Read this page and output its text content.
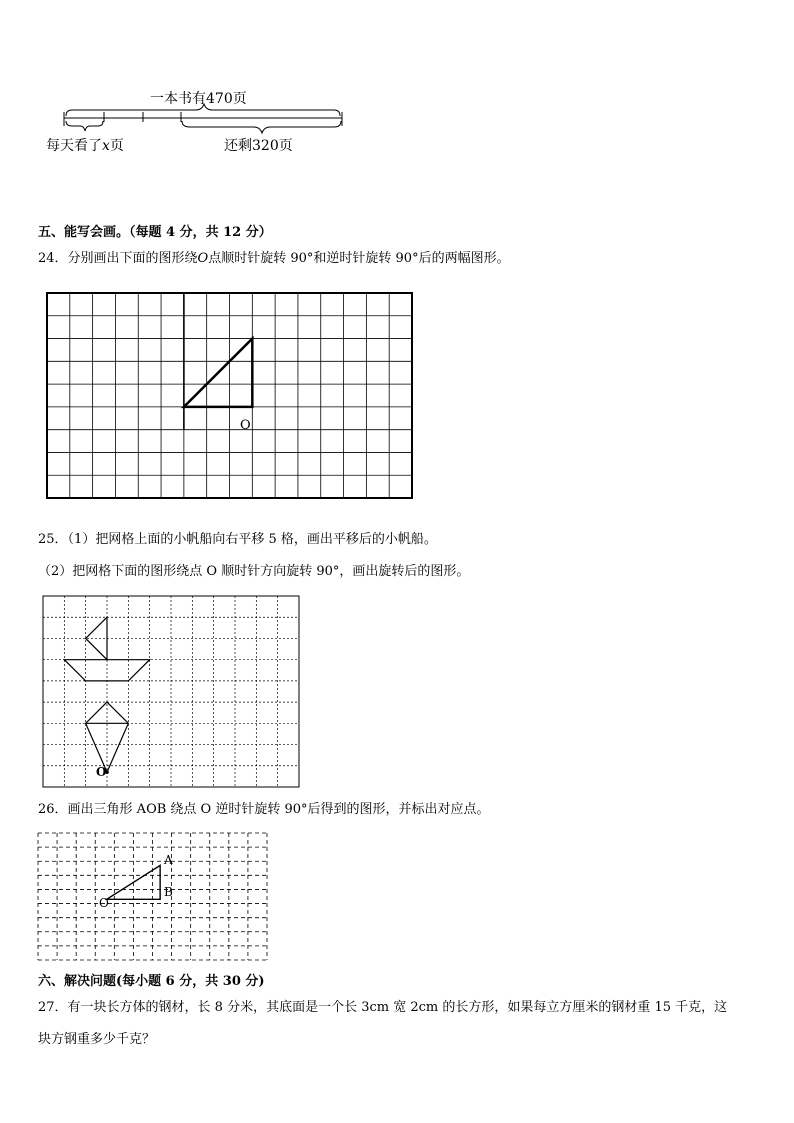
一本书有470页
每天看了x页	还剩320页
五、能写会画。（每题 4 分，共 12 分）
24．分别画出下面的图形绕O点顺时针旋转 90°和逆时针旋转 90°后的两幅图形。
O
25．（1）把网格上面的小帆船向右平移 5 格，画出平移后的小帆船。
（2）把网格下面的图形绕点 O 顺时针方向旋转 90°，画出旋转后的图形。
O
26．画出三角形 AOB 绕点 O 逆时针旋转 90°后得到的图形，并标出对应点。
O
A
B
六、解决问题(每小题 6 分，共 30 分)
27．有一块长方体的钢材，长 8 分米，其底面是一个长 3cm 宽 2cm 的长方形，如果每立方厘米的钢材重 15 千克，这
块方钢重多少千克？
